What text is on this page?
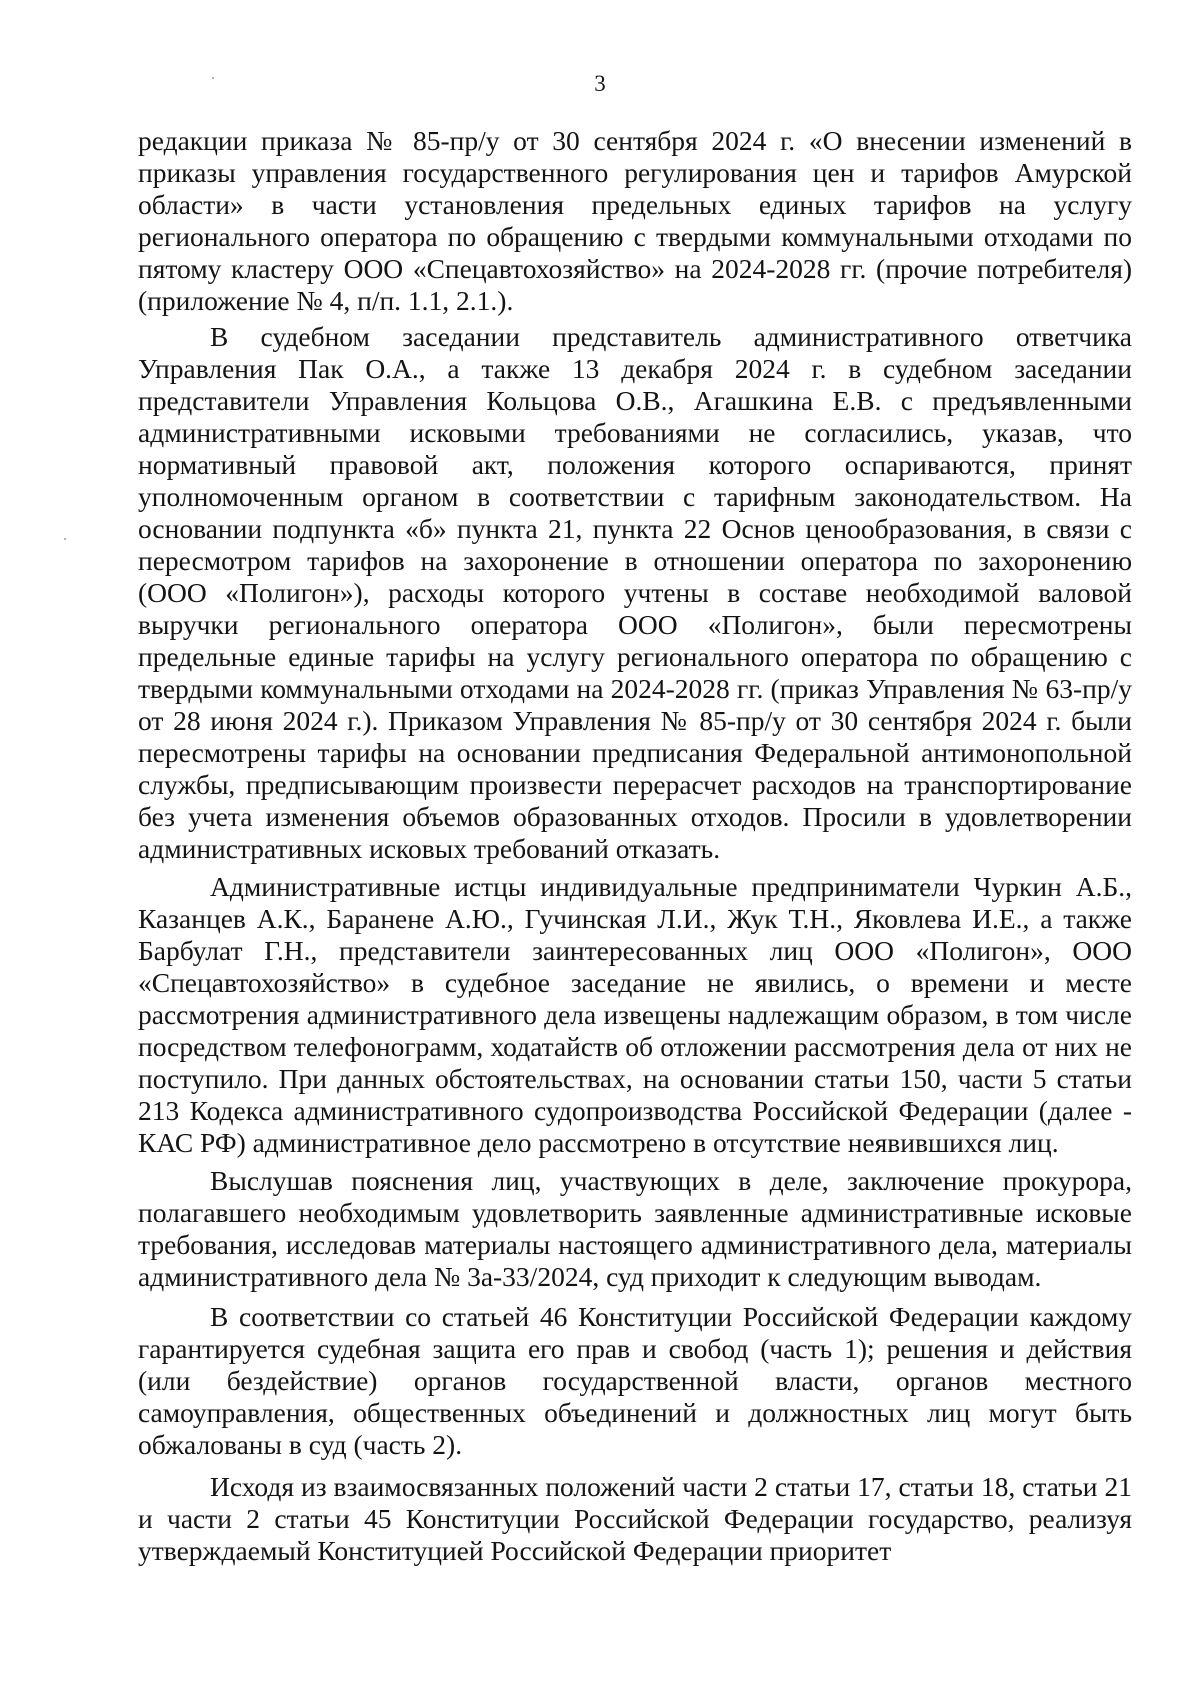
3

редакции приказа № 85-пр/у от 30 сентября 2024 г. «О внесении изменений в приказы управления государственного регулирования цен и тарифов Амурской области» в части установления предельных единых тарифов на услугу регионального оператора по обращению с твердыми коммунальными отходами по пятому кластеру ООО «Спецавтохозяйство» на 2024-2028 гг. (прочие потребителя) (приложение № 4, п/п. 1.1, 2.1.).

В судебном заседании представитель административного ответчика Управления Пак О.А., а также 13 декабря 2024 г. в судебном заседании представители Управления Кольцова О.В., Агашкина Е.В. с предъявленными административными исковыми требованиями не согласились, указав, что нормативный правовой акт, положения которого оспариваются, принят уполномоченным органом в соответствии с тарифным законодательством. На основании подпункта «б» пункта 21, пункта 22 Основ ценообразования, в связи с пересмотром тарифов на захоронение в отношении оператора по захоронению (ООО «Полигон»), расходы которого учтены в составе необходимой валовой выручки регионального оператора ООО «Полигон», были пересмотрены предельные единые тарифы на услугу регионального оператора по обращению с твердыми коммунальными отходами на 2024-2028 гг. (приказ Управления № 63-пр/у от 28 июня 2024 г.). Приказом Управления № 85-пр/у от 30 сентября 2024 г. были пересмотрены тарифы на основании предписания Федеральной антимонопольной службы, предписывающим произвести перерасчет расходов на транспортирование без учета изменения объемов образованных отходов. Просили в удовлетворении административных исковых требований отказать.

Административные истцы индивидуальные предприниматели Чуркин А.Б., Казанцев А.К., Баранене А.Ю., Гучинская Л.И., Жук Т.Н., Яковлева И.Е., а также Барбулат Г.Н., представители заинтересованных лиц ООО «Полигон», ООО «Спецавтохозяйство» в судебное заседание не явились, о времени и месте рассмотрения административного дела извещены надлежащим образом, в том числе посредством телефонограмм, ходатайств об отложении рассмотрения дела от них не поступило. При данных обстоятельствах, на основании статьи 150, части 5 статьи 213 Кодекса административного судопроизводства Российской Федерации (далее - КАС РФ) административное дело рассмотрено в отсутствие неявившихся лиц.

Выслушав пояснения лиц, участвующих в деле, заключение прокурора, полагавшего необходимым удовлетворить заявленные административные исковые требования, исследовав материалы настоящего административного дела, материалы административного дела № 3а-33/2024, суд приходит к следующим выводам.

В соответствии со статьей 46 Конституции Российской Федерации каждому гарантируется судебная защита его прав и свобод (часть 1); решения и действия (или бездействие) органов государственной власти, органов местного самоуправления, общественных объединений и должностных лиц могут быть обжалованы в суд (часть 2).

Исходя из взаимосвязанных положений части 2 статьи 17, статьи 18, статьи 21 и части 2 статьи 45 Конституции Российской Федерации государство, реализуя утверждаемый Конституцией Российской Федерации приоритет
